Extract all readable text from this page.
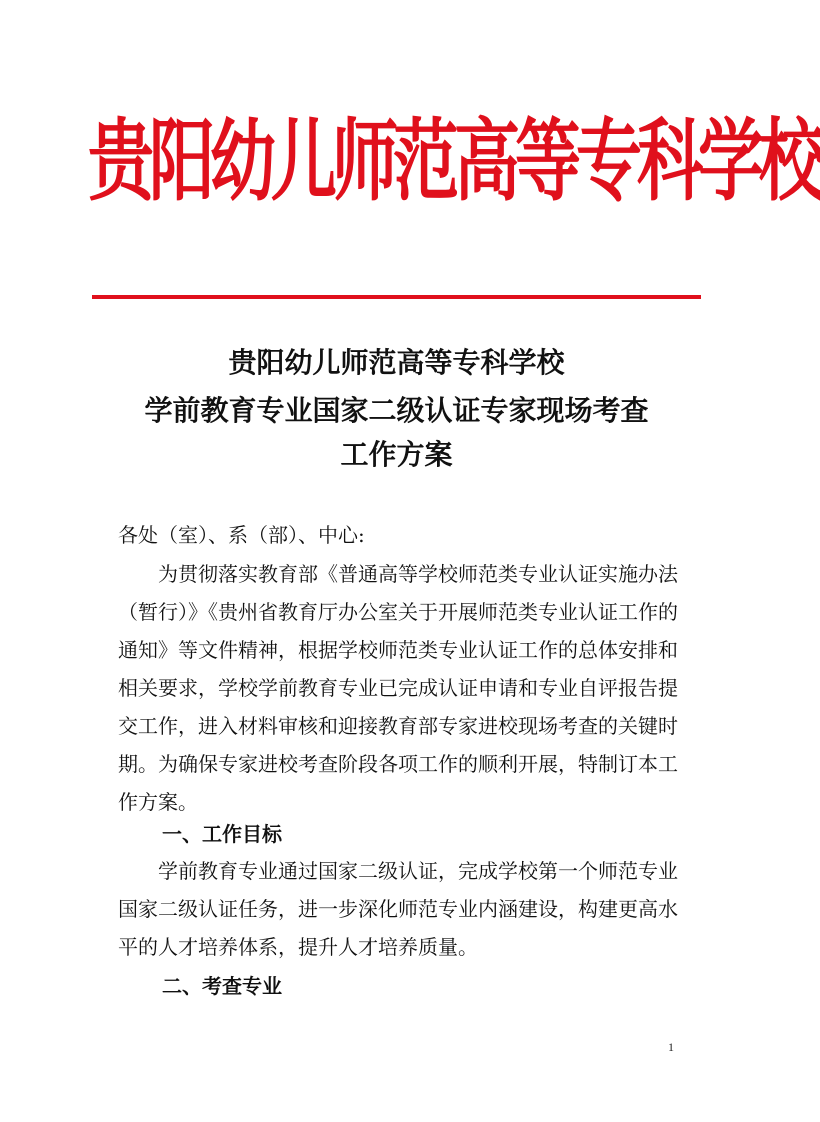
贵阳幼儿师范高等专科学校
贵阳幼儿师范高等专科学校
学前教育专业国家二级认证专家现场考查
工作方案
各处（室）、系（部）、中心:

为贯彻落实教育部《普通高等学校师范类专业认证实施办法（暂行）》《贵州省教育厅办公室关于开展师范类专业认证工作的通知》等文件精神，根据学校师范类专业认证工作的总体安排和相关要求，学校学前教育专业已完成认证申请和专业自评报告提交工作，进入材料审核和迎接教育部专家进校现场考查的关键时期。为确保专家进校考查阶段各项工作的顺利开展，特制订本工作方案。

一、工作目标

学前教育专业通过国家二级认证，完成学校第一个师范专业国家二级认证任务，进一步深化师范专业内涵建设，构建更高水平的人才培养体系，提升人才培养质量。

二、考查专业
1
